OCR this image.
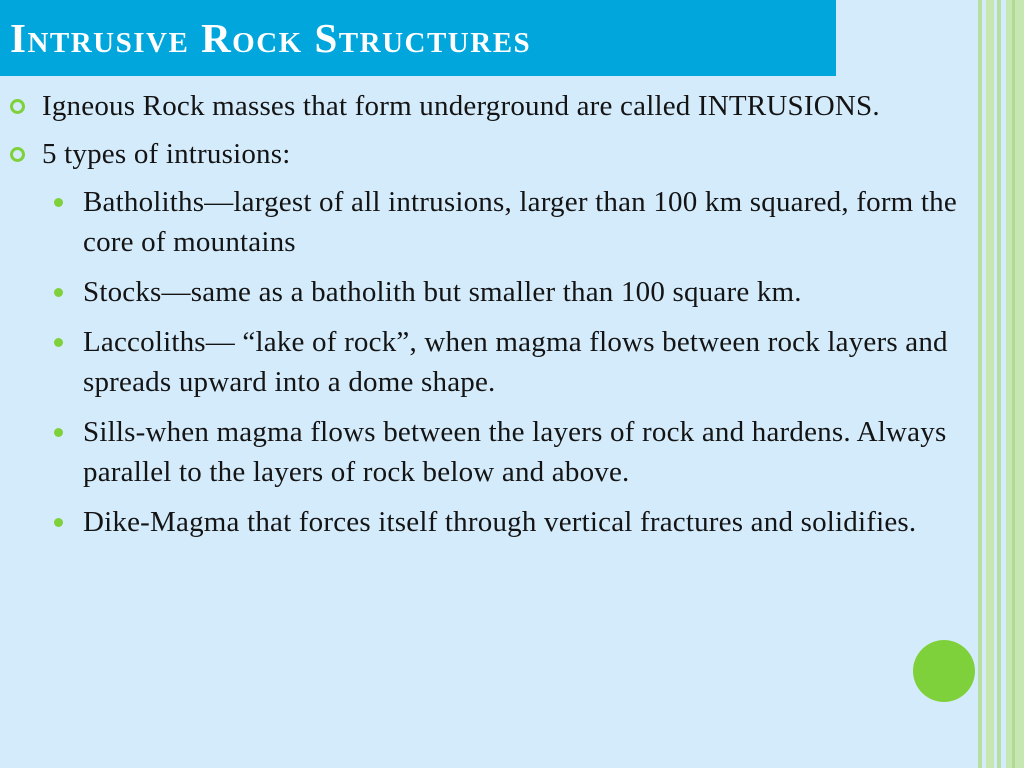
Intrusive Rock Structures
Igneous Rock masses that form underground are called INTRUSIONS.
5 types of intrusions:
Batholiths—largest of all intrusions, larger than 100 km squared, form the core of mountains
Stocks—same as a batholith but smaller than 100 square km.
Laccoliths— “lake of rock”, when magma flows between rock layers and spreads upward into a dome shape.
Sills-when magma flows between the layers of rock and hardens. Always parallel to the layers of rock below and above.
Dike-Magma that forces itself through vertical fractures and solidifies.
